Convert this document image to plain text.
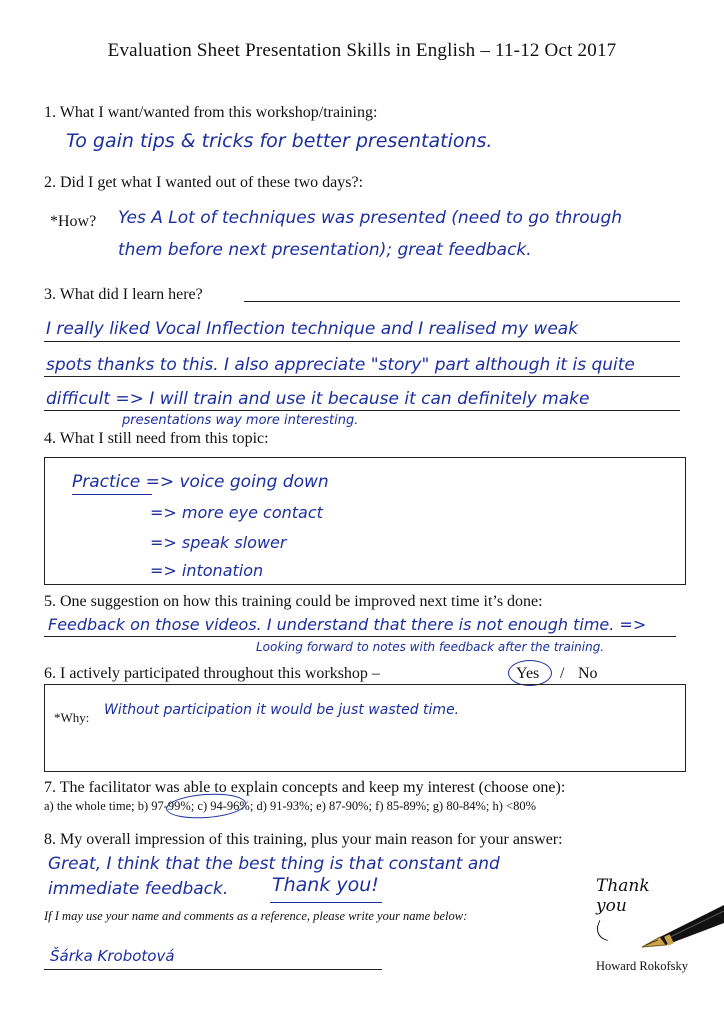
Evaluation Sheet Presentation Skills in English – 11-12 Oct 2017
1. What I want/wanted from this workshop/training:
To gain tips & tricks for better presentations.
2. Did I get what I wanted out of these two days?:
*How? Yes A Lot of techniques was presented (need to go through
them before next presentation); great feedback.
3. What did I learn here?
I really liked Vocal Inflection technique and I realised my weak
spots thanks to this. I also appreciate "story" part although it is quite
difficult => I will train and use it because it can definitely make
presentations way more interesting.
4. What I still need from this topic:
Practice => voice going down
=> more eye contact
=> speak slower
=> intonation
5. One suggestion on how this training could be improved next time it’s done:
Feedback on those videos. I understand that there is not enough time. =>
Looking forward to notes with feedback after the training.
6. I actively participated throughout this workshop –	Yes / No
*Why: Without participation it would be just wasted time.
7. The facilitator was able to explain concepts and keep my interest (choose one):
a) the whole time; b) 97-99%; c) 94-96%; d) 91-93%; e) 87-90%; f) 85-89%; g) 80-84%; h) <80%
8. My overall impression of this training, plus your main reason for your answer:
Great, I think that the best thing is that constant and
immediate feedback. Thank you!
If I may use your name and comments as a reference, please write your name below:
Šárka Krobotová
Thank you
Howard Rokofsky
